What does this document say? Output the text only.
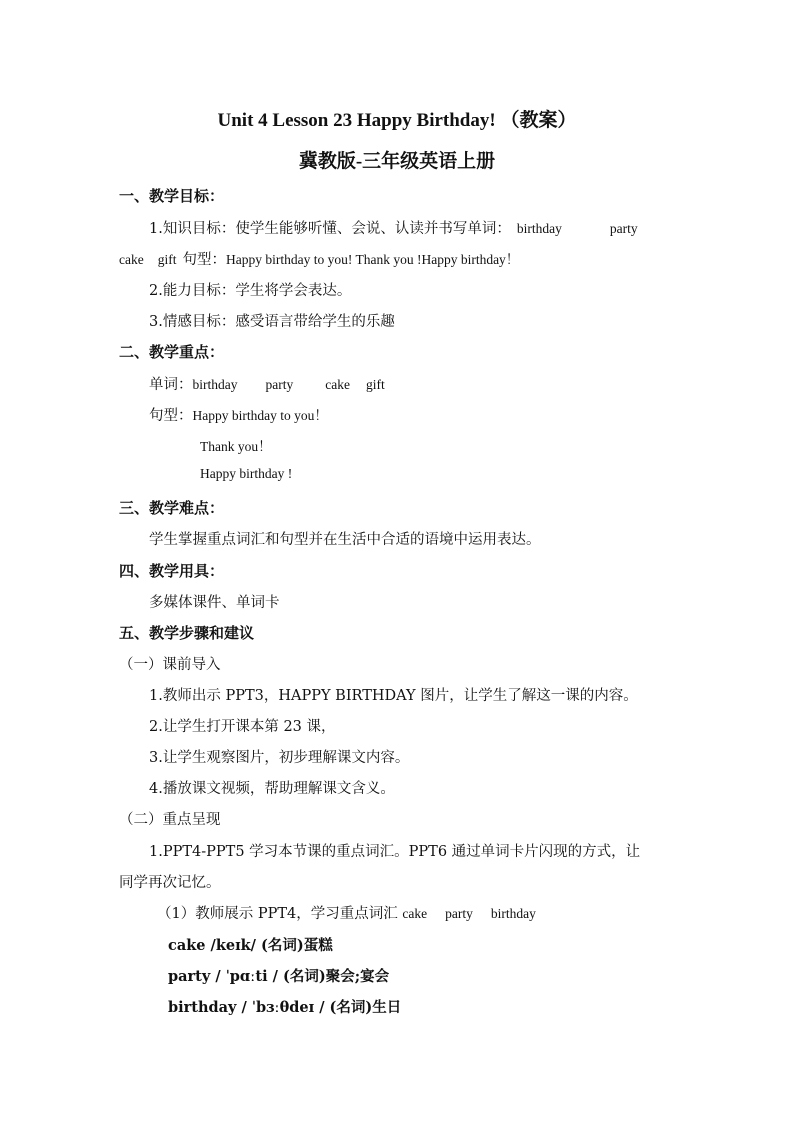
Unit 4 Lesson 23 Happy Birthday! （教案）
冀教版-三年级英语上册
一、教学目标：
1.知识目标：使学生能够听懂、会说、认读并书写单词： birthday	party
cake gift 句型：Happy birthday to you! Thank you !Happy birthday！
2.能力目标：学生将学会表达。
3.情感目标：感受语言带给学生的乐趣
二、教学重点：
单词：birthday party cake gift
句型：Happy birthday to you！
Thank you！
Happy birthday !
三、教学难点：
学生掌握重点词汇和句型并在生活中合适的语境中运用表达。
四、教学用具：
多媒体课件、单词卡
五、教学步骤和建议
（一）课前导入
1.教师出示 PPT3，HAPPY BIRTHDAY 图片，让学生了解这一课的内容。
2.让学生打开课本第 23 课，
3.让学生观察图片，初步理解课文内容。
4.播放课文视频，帮助理解课文含义。
（二）重点呈现
1.PPT4-PPT5 学习本节课的重点词汇。PPT6 通过单词卡片闪现的方式，让
同学再次记忆。
（1）教师展示 PPT4，学习重点词汇 cake party birthday
cake /keɪk/ (名词)蛋糕
party / ˈpɑːti / (名词)聚会;宴会
birthday / ˈbɜːθdeɪ / (名词)生日
